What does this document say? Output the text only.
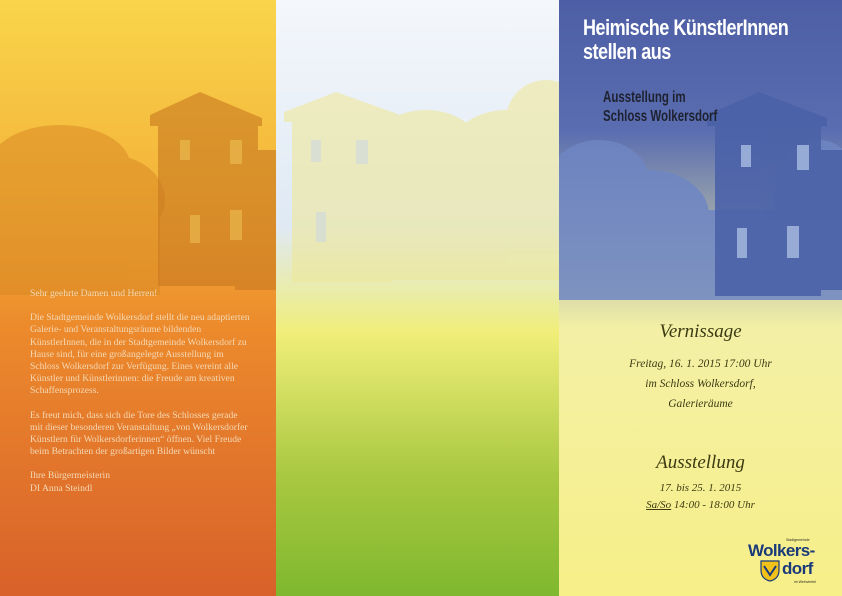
Sehr geehrte Damen und Herren!

Die Stadtgemeinde Wolkersdorf stellt die neu adaptierten Galerie- und Veranstaltungsräume bildenden KünstlerInnen, die in der Stadtgemeinde Wolkersdorf zu Hause sind, für eine großangelegte Ausstellung im Schloss Wolkersdorf zur Verfügung. Eines vereint alle Künstler und Künstlerinnen: die Freude am kreativen Schaffensprozess.

Es freut mich, dass sich die Tore des Schlosses gerade mit dieser besonderen Veranstaltung „von Wolkersdorfer Künstlern für Wolkersdorferinnen“ öffnen. Viel Freude beim Betrachten der großartigen Bilder wünscht

Ihre Bürgermeisterin
DI Anna Steindl
Heimische KünstlerInnen
stellen aus
Ausstellung im
Schloss Wolkersdorf
Vernissage
Freitag, 16. 1. 2015 17:00 Uhr
im Schloss Wolkersdorf,
Galerieräume
Ausstellung
17. bis 25. 1. 2015
Sa/So 14:00 - 18:00 Uhr
Stadtgemeinde
Wolkers-
dorf
im Weinviertel
